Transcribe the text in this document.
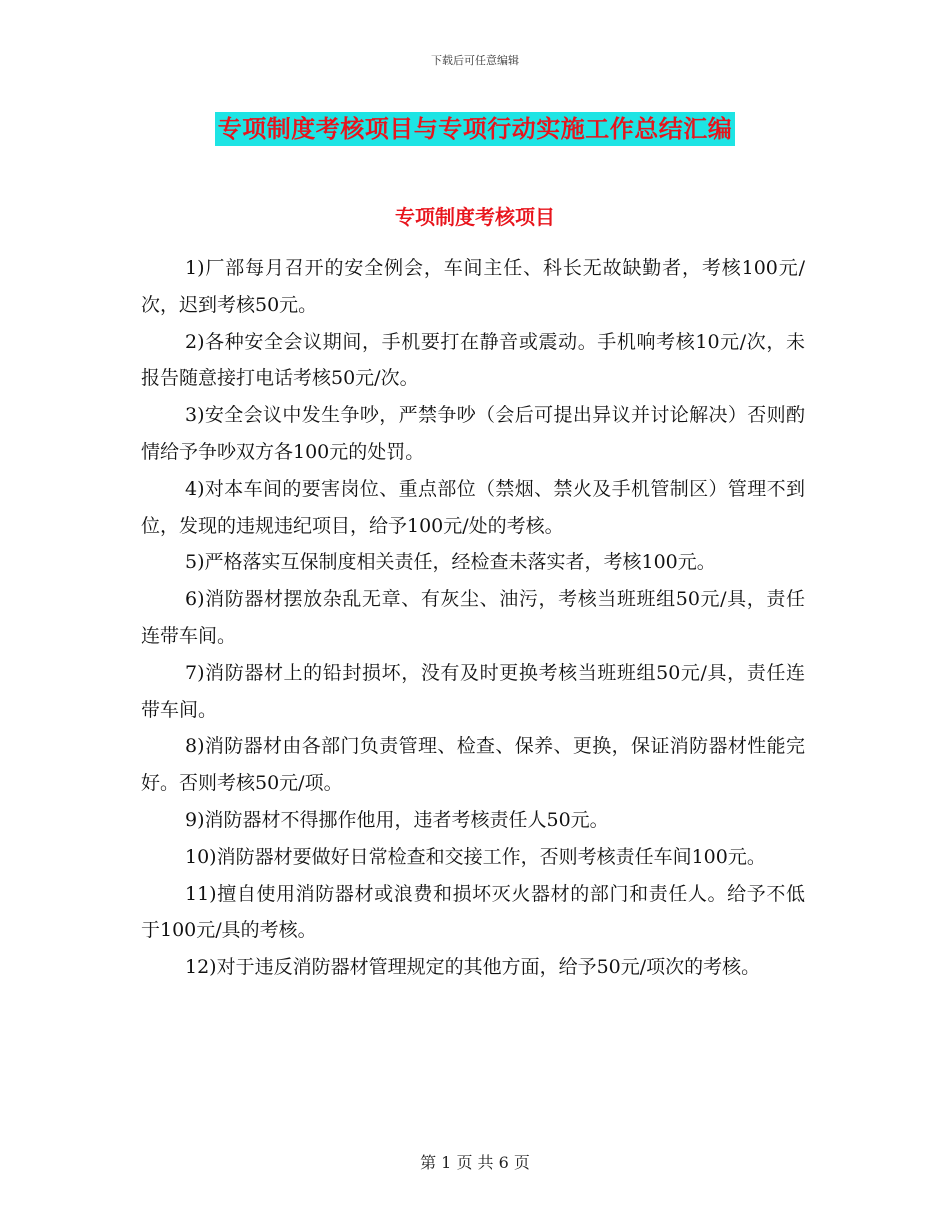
下载后可任意编辑
专项制度考核项目与专项行动实施工作总结汇编
专项制度考核项目

1)厂部每月召开的安全例会，车间主任、科长无故缺勤者，考核100元/次，迟到考核50元。

2)各种安全会议期间，手机要打在静音或震动。手机响考核10元/次，未报告随意接打电话考核50元/次。

3)安全会议中发生争吵，严禁争吵（会后可提出异议并讨论解决）否则酌情给予争吵双方各100元的处罚。

4)对本车间的要害岗位、重点部位（禁烟、禁火及手机管制区）管理不到位，发现的违规违纪项目，给予100元/处的考核。

5)严格落实互保制度相关责任，经检查未落实者，考核100元。

6)消防器材摆放杂乱无章、有灰尘、油污，考核当班班组50元/具，责任连带车间。

7)消防器材上的铅封损坏，没有及时更换考核当班班组50元/具，责任连带车间。

8)消防器材由各部门负责管理、检查、保养、更换，保证消防器材性能完好。否则考核50元/项。

9)消防器材不得挪作他用，违者考核责任人50元。

10)消防器材要做好日常检查和交接工作，否则考核责任车间100元。

11)擅自使用消防器材或浪费和损坏灭火器材的部门和责任人。给予不低于100元/具的考核。

12)对于违反消防器材管理规定的其他方面，给予50元/项次的考核。

第 1 页 共 6 页
